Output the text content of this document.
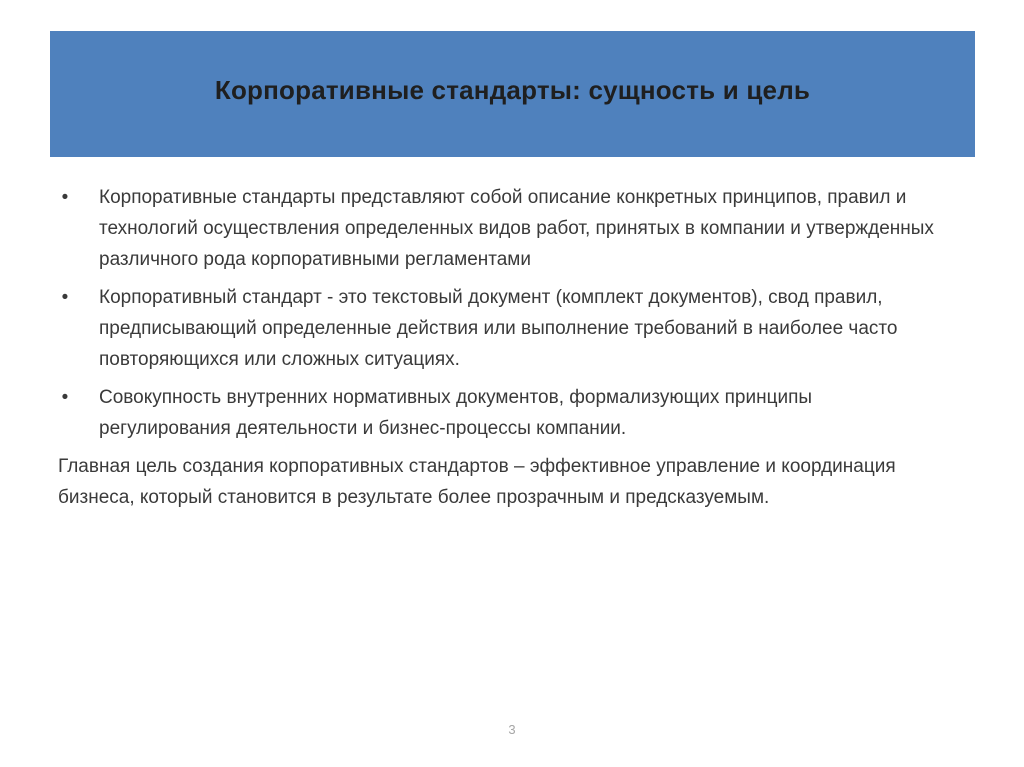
Корпоративные стандарты: сущность и цель
• Корпоративные стандарты представляют собой описание конкретных принципов, правил и технологий осуществления определенных видов работ, принятых в компании и утвержденных различного рода корпоративными регламентами
• Корпоративный стандарт - это текстовый документ (комплект документов), свод правил, предписывающий определенные действия или выполнение требований в наиболее часто повторяющихся или сложных ситуациях.
• Совокупность внутренних нормативных документов, формализующих принципы регулирования деятельности и бизнес-процессы компании.

Главная цель создания корпоративных стандартов – эффективное управление и координация бизнеса, который становится в результате более прозрачным и предсказуемым.

3
